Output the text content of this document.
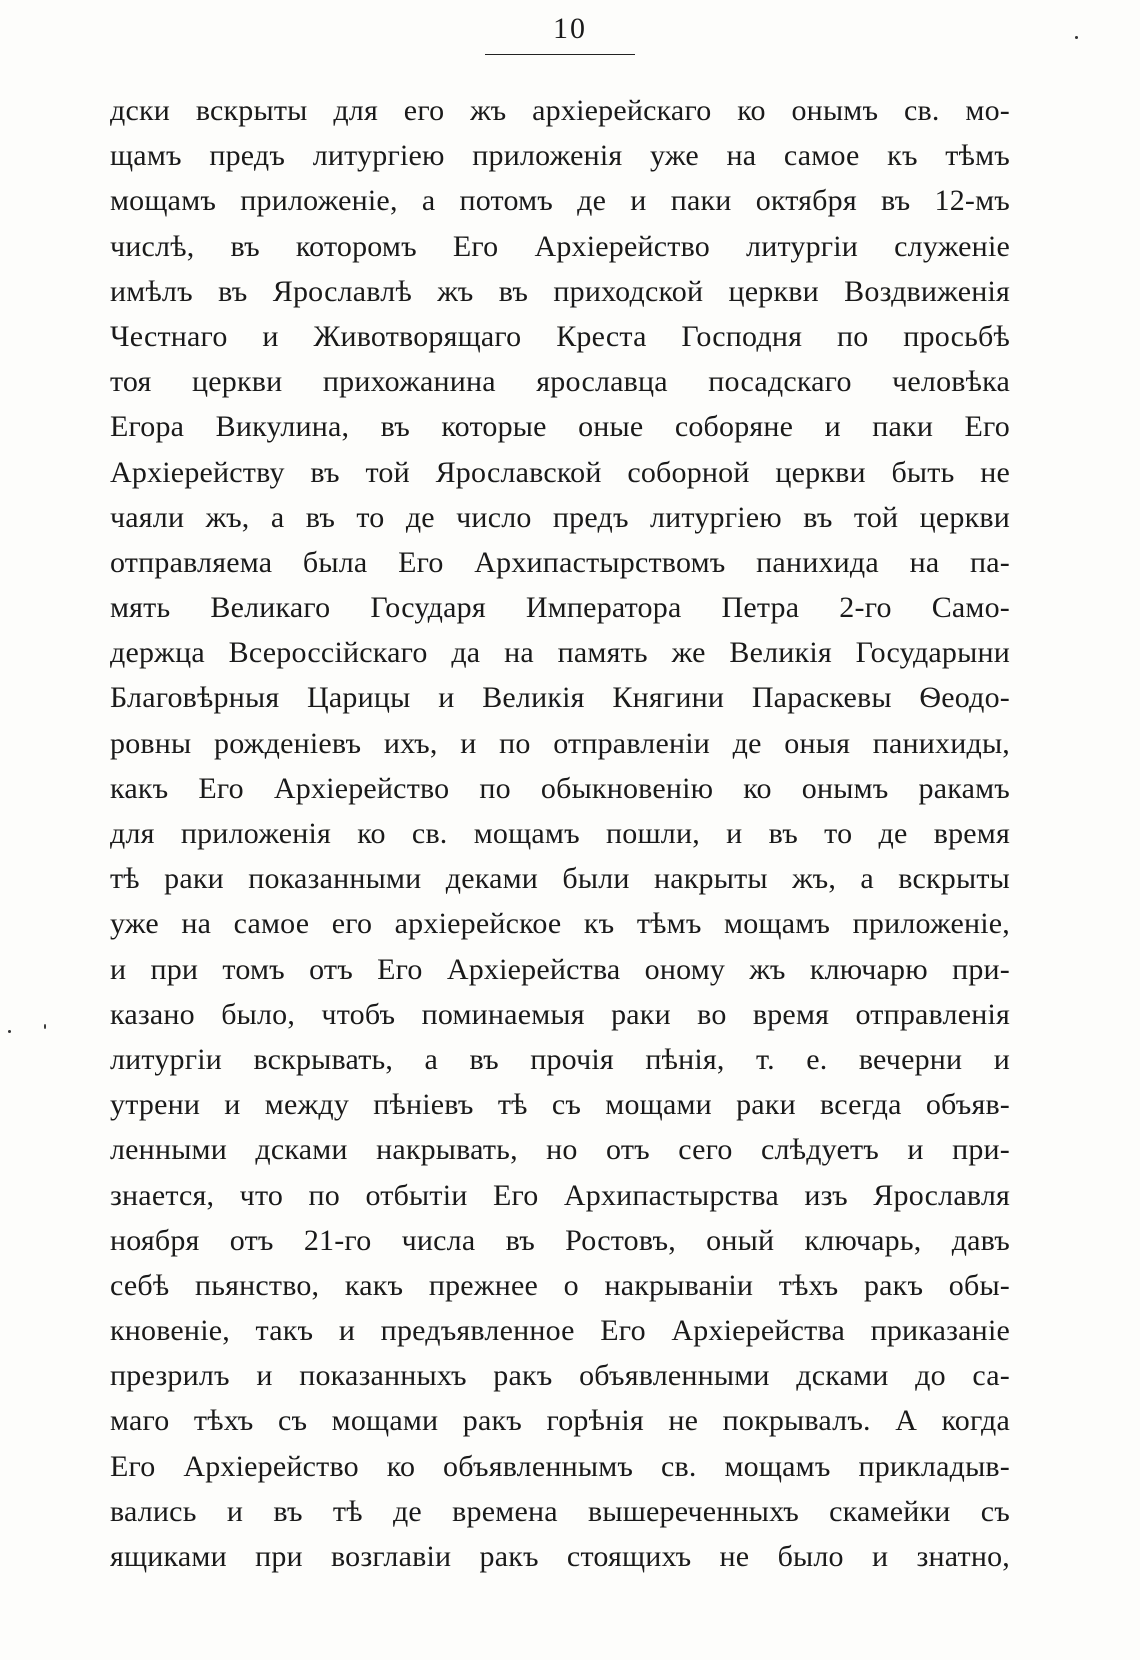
10
дски вскрыты для его жъ архiерейскаго ко онымъ св. мо-
щамъ предъ литургiею приложенiя уже на самое къ тѣмъ
мощамъ приложенiе, а потомъ де и паки октября въ 12-мъ
числѣ, въ которомъ Его Архiерейство литургiи служенiе
имѣлъ въ Ярославлѣ жъ въ приходской церкви Воздвиженiя
Честнаго и Животворящаго Креста Господня по просьбѣ
тоя церкви прихожанина ярославца посадскаго человѣка
Егора Викулина, въ которые оные соборяне и паки Его
Архiерейству въ той Ярославской соборной церкви быть не
чаяли жъ, а въ то де число предъ литургiею въ той церкви
отправляема была Его Архипастырствомъ панихида на па-
мять Великаго Государя Императора Петра 2-го Само-
держца Всероссiйскаго да на память же Великiя Государыни
Благовѣрныя Царицы и Великiя Княгини Параскевы Ѳеодо-
ровны рожденiевъ ихъ, и по отправленiи де оныя панихиды,
какъ Его Архiерейство по обыкновенiю ко онымъ ракамъ
для приложенiя ко св. мощамъ пошли, и въ то де время
тѣ раки показанными деками были накрыты жъ, а вскрыты
уже на самое его архiерейское къ тѣмъ мощамъ приложенiе,
и при томъ отъ Его Архiерейства оному жъ ключарю при-
казано было, чтобъ поминаемыя раки во время отправленiя
литургiи вскрывать, а въ прочiя пѣнiя, т. е. вечерни и
утрени и между пѣнiевъ тѣ съ мощами раки всегда объяв-
ленными дсками накрывать, но отъ сего слѣдуетъ и при-
знается, что по отбытiи Его Архипастырства изъ Ярославля
ноября отъ 21-го числа въ Ростовъ, оный ключарь, давъ
себѣ пьянство, какъ прежнее о накрыванiи тѣхъ ракъ обы-
кновенiе, такъ и предъявленное Его Архiерейства приказанiе
презрилъ и показанныхъ ракъ объявленными дсками до са-
маго тѣхъ съ мощами ракъ горѣнiя не покрывалъ. А когда
Его Архiерейство ко объявленнымъ св. мощамъ прикладыв-
вались и въ тѣ де времена вышереченныхъ скамейки съ
ящиками при возглавiи ракъ стоящихъ не было и знатно,
